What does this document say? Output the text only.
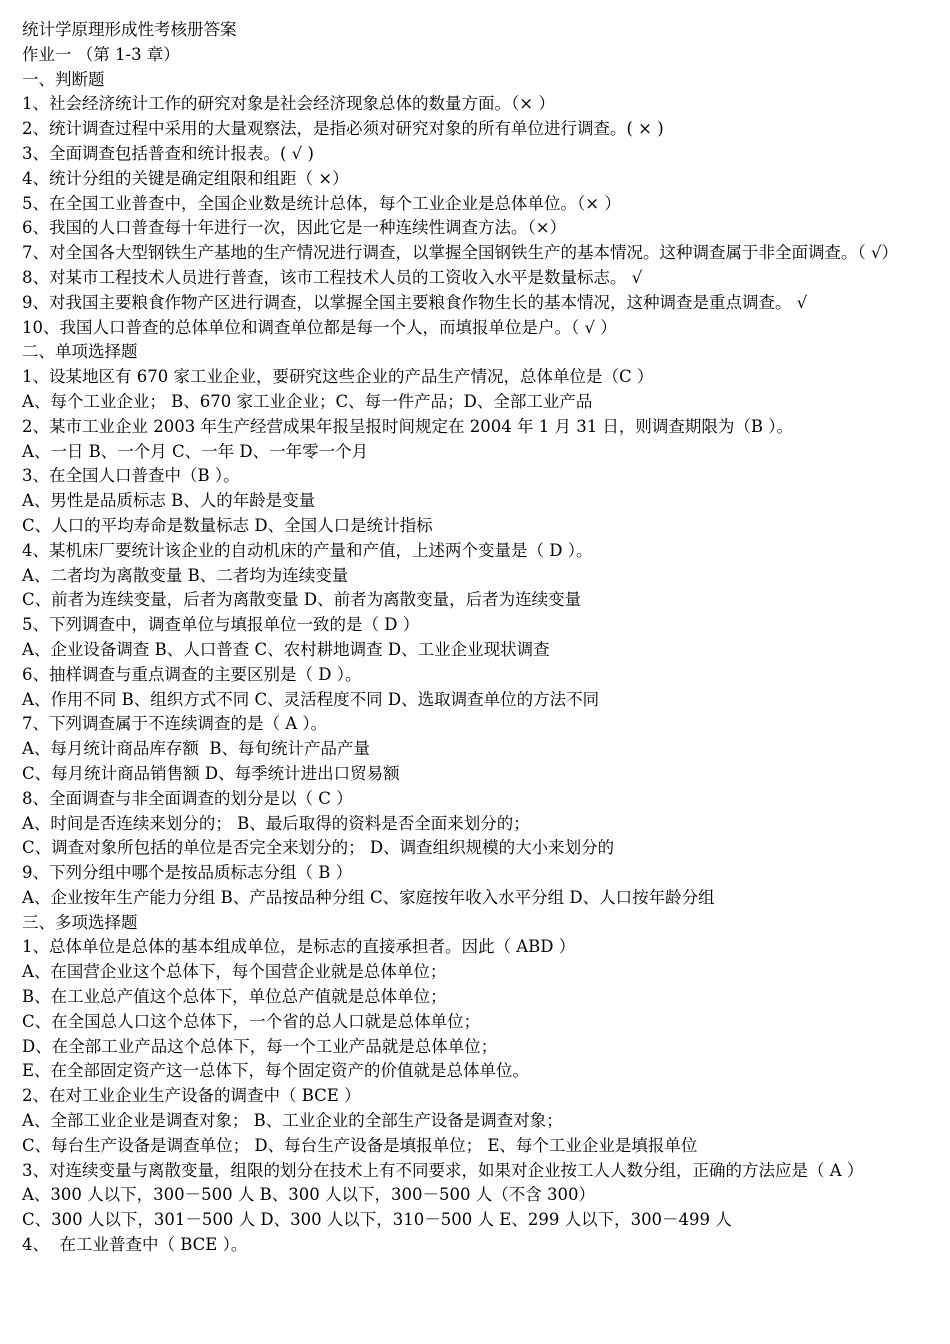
统计学原理形成性考核册答案

作业一 （第 1-3 章）

一、判断题

1、社会经济统计工作的研究对象是社会经济现象总体的数量方面。（× ）

2、统计调查过程中采用的大量观察法，是指必须对研究对象的所有单位进行调查。( × )

3、全面调查包括普查和统计报表。( √ )

4、统计分组的关键是确定组限和组距（ ×）

5、在全国工业普查中，全国企业数是统计总体，每个工业企业是总体单位。（× ）

6、我国的人口普查每十年进行一次，因此它是一种连续性调查方法。（×）

7、对全国各大型钢铁生产基地的生产情况进行调查，以掌握全国钢铁生产的基本情况。这种调查属于非全面调查。（ √）

8、对某市工程技术人员进行普查，该市工程技术人员的工资收入水平是数量标志。 √

9、对我国主要粮食作物产区进行调查，以掌握全国主要粮食作物生长的基本情况，这种调查是重点调查。 √

10、我国人口普查的总体单位和调查单位都是每一个人，而填报单位是户。（ √ ）

二、单项选择题

1、设某地区有 670 家工业企业，要研究这些企业的产品生产情况，总体单位是（C ）

A、每个工业企业； B、670 家工业企业；C、每一件产品；D、全部工业产品

2、某市工业企业 2003 年生产经营成果年报呈报时间规定在 2004 年 1 月 31 日，则调查期限为（B ）。

A、一日 B、一个月 C、一年 D、一年零一个月

3、在全国人口普查中（B ）。

A、男性是品质标志 B、人的年龄是变量

C、人口的平均寿命是数量标志 D、全国人口是统计指标

4、某机床厂要统计该企业的自动机床的产量和产值，上述两个变量是（ D ）。

A、二者均为离散变量 B、二者均为连续变量

C、前者为连续变量，后者为离散变量 D、前者为离散变量，后者为连续变量

5、下列调查中，调查单位与填报单位一致的是（ D ）

A、企业设备调查 B、人口普查 C、农村耕地调查 D、工业企业现状调查

6、抽样调查与重点调查的主要区别是（ D ）。

A、作用不同 B、组织方式不同 C、灵活程度不同 D、选取调查单位的方法不同

7、下列调查属于不连续调查的是（ A ）。

A、每月统计商品库存额  B、每旬统计产品产量

C、每月统计商品销售额 D、每季统计进出口贸易额

8、全面调查与非全面调查的划分是以（ C ）

A、时间是否连续来划分的； B、最后取得的资料是否全面来划分的；

C、调查对象所包括的单位是否完全来划分的； D、调查组织规模的大小来划分的

9、下列分组中哪个是按品质标志分组（ B ）

A、企业按年生产能力分组 B、产品按品种分组 C、家庭按年收入水平分组 D、人口按年龄分组

三、多项选择题

1、总体单位是总体的基本组成单位，是标志的直接承担者。因此（ ABD ）

A、在国营企业这个总体下，每个国营企业就是总体单位；

B、在工业总产值这个总体下，单位总产值就是总体单位；

C、在全国总人口这个总体下，一个省的总人口就是总体单位；

D、在全部工业产品这个总体下，每一个工业产品就是总体单位；

E、在全部固定资产这一总体下，每个固定资产的价值就是总体单位。

2、在对工业企业生产设备的调查中（ BCE ）

A、全部工业企业是调查对象； B、工业企业的全部生产设备是调查对象；

C、每台生产设备是调查单位； D、每台生产设备是填报单位； E、每个工业企业是填报单位

3、对连续变量与离散变量，组限的划分在技术上有不同要求，如果对企业按工人人数分组，正确的方法应是（ A ）

A、300 人以下，300－500 人 B、300 人以下，300－500 人（不含 300）

C、300 人以下，301－500 人 D、300 人以下，310－500 人 E、299 人以下，300－499 人

4、  在工业普查中（ BCE ）。
